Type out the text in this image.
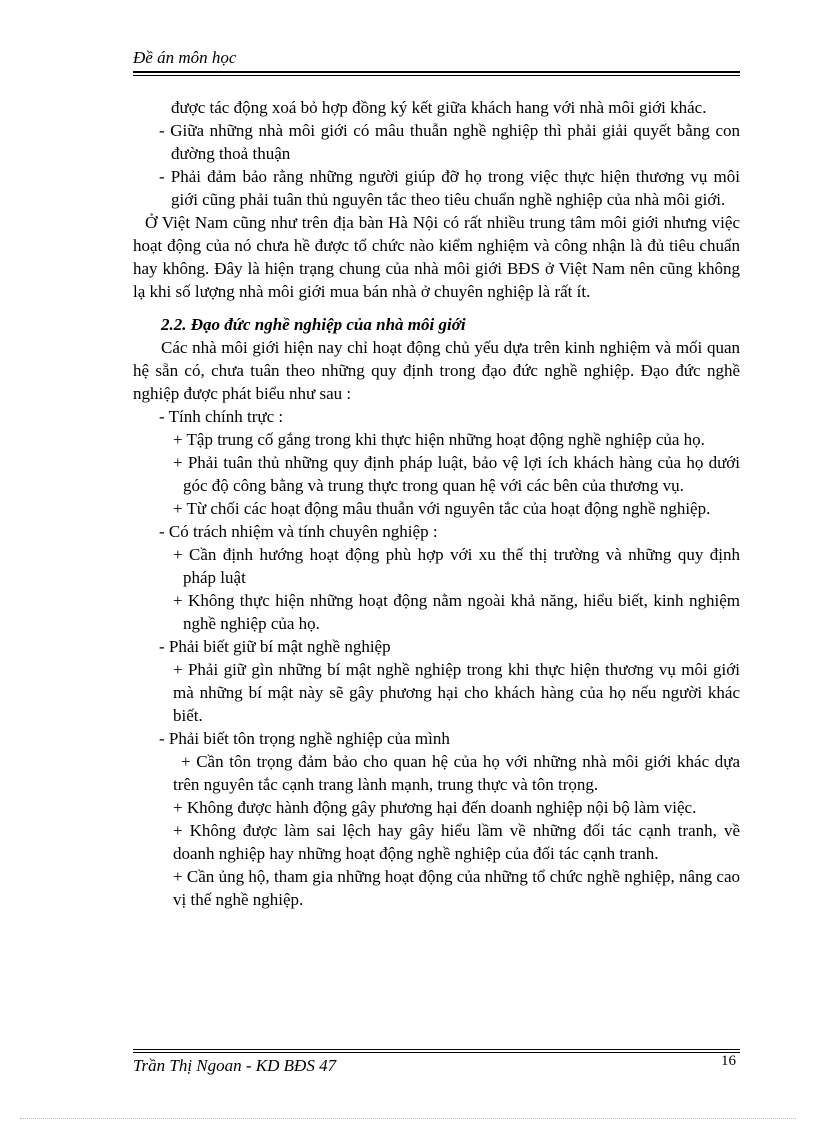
Đề án môn học

được tác động xoá bỏ hợp đồng ký kết giữa khách hang với nhà môi giới khác.

- Giữa những nhà môi giới có mâu thuẫn nghề nghiệp thì phải giải quyết bằng con đường thoả thuận

- Phải đảm bảo rằng những người giúp đỡ họ trong việc thực hiện thương vụ môi giới cũng phải tuân thủ nguyên tắc theo tiêu chuẩn nghề nghiệp của nhà môi giới.

Ở Việt Nam cũng như trên địa bàn Hà Nội có rất nhiều trung tâm môi giới nhưng việc hoạt động của nó chưa hề được tổ chức nào kiểm nghiệm và công nhận là đủ tiêu chuẩn hay không. Đây là hiện trạng chung của nhà môi giới BĐS ở Việt Nam nên cũng không lạ khi số lượng nhà môi giới mua bán nhà ở chuyên nghiệp là rất ít.

2.2. Đạo đức nghề nghiệp của nhà môi giới

Các nhà môi giới hiện nay chỉ hoạt động chủ yếu dựa trên kinh nghiệm và mối quan hệ sẵn có, chưa tuân theo những quy định trong đạo đức nghề nghiệp. Đạo đức nghề nghiệp được phát biểu như sau :

- Tính chính trực :

+ Tập trung cố gắng trong khi thực hiện những hoạt động nghề nghiệp của họ.

+ Phải tuân thủ những quy định pháp luật, bảo vệ lợi ích khách hàng của họ dưới góc độ công bằng và trung thực trong quan hệ với các bên của thương vụ.

+ Từ chối các hoạt động mâu thuẫn với nguyên tắc của hoạt động nghề nghiệp.

- Có trách nhiệm và tính chuyên nghiệp :

+ Cần định hướng hoạt động phù hợp với xu thế thị trường và những quy định pháp luật

+ Không thực hiện những hoạt động nằm ngoài khả năng, hiểu biết, kinh nghiệm nghề nghiệp của họ.

- Phải biết giữ bí mật nghề nghiệp

+ Phải giữ gìn những bí mật nghề nghiệp trong khi thực hiện thương vụ môi giới mà những bí mật này sẽ gây phương hại cho khách hàng của họ nếu người khác biết.

- Phải biết tôn trọng nghề nghiệp của mình

+ Cần tôn trọng đảm bảo cho quan hệ của họ với những nhà môi giới khác dựa trên nguyên tắc cạnh trang lành mạnh, trung thực và tôn trọng.

+ Không được hành động gây phương hại đến doanh nghiệp nội bộ làm việc.

+ Không được làm sai lệch hay gây hiểu lầm về những đối tác cạnh tranh, về doanh nghiệp hay những hoạt động nghề nghiệp của đối tác cạnh tranh.

+ Cần ủng hộ, tham gia những hoạt động của những tổ chức nghề nghiệp, nâng cao vị thế nghề nghiệp.

Trần Thị Ngoan - KD BĐS 47	16
